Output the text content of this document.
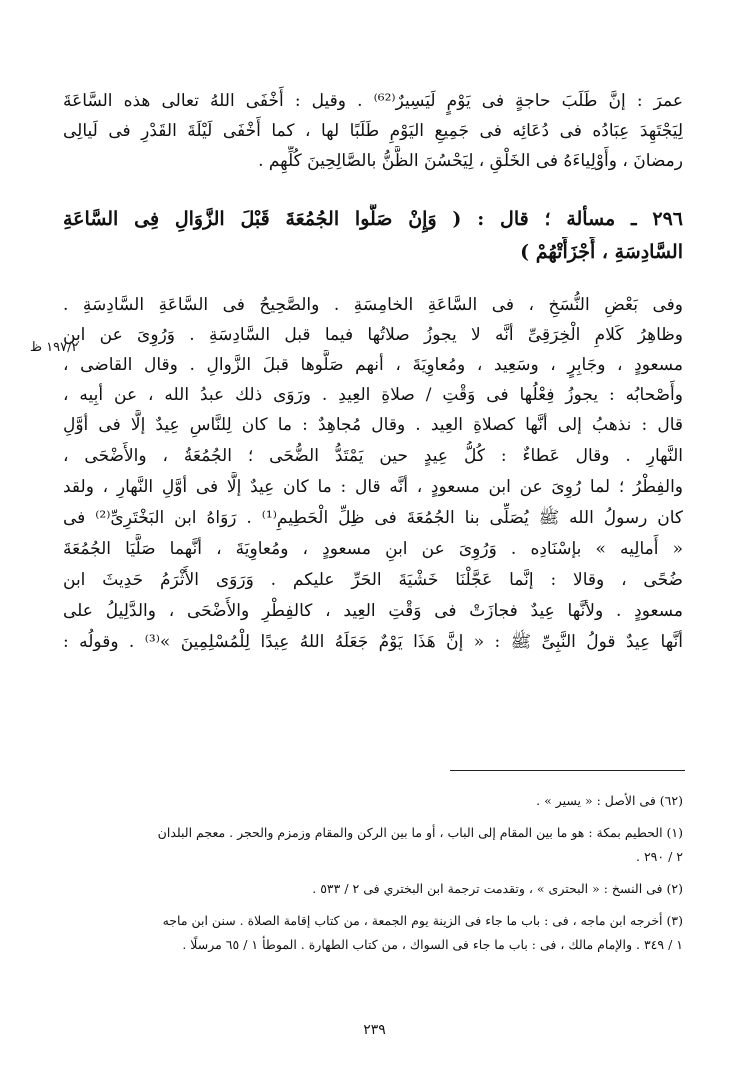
عمرَ : إنَّ طَلَبَ حاجةٍ فى يَوْمٍ لَيَسِيرٌ⁽⁶²⁾ . وقيل : أَخْفَى اللهُ تعالى هذه السَّاعَةَ
لِيَجْتَهِدَ عِبَادُه فى دُعَائِه فى جَمِيعِ اليَوْمِ طَلَبًا لها ، كما أَخْفَى لَيْلَةَ القَدْرِ فى لَيالِى
رمضانَ ، وأَوْلِياءَهُ فى الخَلْقِ ، لِيَحْسُنَ الظَّنُّ بالصَّالِحِينَ كُلِّهِم .
٢٩٦ ـ مسألة ؛ قال : ( وَإِنْ صَلَّوا الجُمُعَةَ قَبْلَ الزَّوَالِ فِى السَّاعَةِ
السَّادِسَةِ ، أَجْزَأَتْهُمْ )
وفى بَعْضِ النُّسَخِ ، فى السَّاعَةِ الخامِسَةِ . والصَّحِيحُ فى السَّاعَةِ السَّادِسَةِ .
وظاهِرُ كَلامِ الْخِرَقِىِّ أنَّه لا يجوزُ صلاتُها فيما قبل السَّادِسَةِ . وَرُوِىَ عن ابن
مسعودٍ ، وجَابِرٍ ، وسَعِيد ، ومُعاوِيَةَ ، أنهم صَلَّوها قبلَ الزَّوالِ . وقال القاضى ،
وأَصْحابُه : يجوزُ فِعْلُها فى وَقْتِ / صلاةِ العِيدِ . ورَوَى ذلك عبدُ الله ، عن أبِيه ،
قال : نذهبُ إلى أنَّها كصلاةِ العِيد . وقال مُجاهِدٌ : ما كان لِلنَّاسِ عِيدٌ إلَّا فى أوَّلِ
النَّهارِ . وقال عَطاءٌ : كُلُّ عِيدٍ حين يَمْتَدُّ الضُّحَى ؛ الجُمُعَةُ ، والأَضْحَى ،
والفِطْرُ ؛ لما رُوِىَ عن ابن مسعودٍ ، أنَّه قال : ما كان عِيدٌ إلَّا فى أوَّلِ النَّهارِ ، ولقد
كان رسولُ الله ﷺ يُصَلِّى بنا الجُمُعَةَ فى ظِلِّ الْحَطِيمِ⁽¹⁾ . رَوَاهُ ابن البَخْتَرِىِّ⁽²⁾ فى
« أَمالِيه » بإسْنَادِه . وَرُوِىَ عن ابنِ مسعودٍ ، ومُعاوِيَةَ ، أنَّهما صَلَّيَا الجُمُعَةَ
ضُحًى ، وقالا : إنَّما عَجَّلْنَا خَشْيَةَ الحَرِّ عليكم . وَرَوَى الأَثْرَمُ حَدِيثَ ابن
مسعودٍ . ولأنَّها عِيدٌ فجازَتْ فى وَقْتِ العِيد ، كالفِطْرِ والأَضْحَى ، والدَّلِيلُ على
أنَّها عِيدٌ قولُ النَّبِىِّ ﷺ : « إنَّ هَذَا يَوْمٌ جَعَلَهُ اللهُ عِيدًا لِلْمُسْلِمِينَ »⁽³⁾ . وقولُه :
١٩٧/٢ ظ
(٦٢) فى الأصل : « يسير » .
(١) الحطيم بمكة : هو ما بين المقام إلى الباب ، أو ما بين الركن والمقام وزمزم والحجر . معجم البلدان
٢ / ٢٩٠ .
(٢) فى النسخ : « البحترى » ، وتقدمت ترجمة ابن البختري فى ٢ / ٥٣٣ .
(٣) أخرجه ابن ماجه ، فى : باب ما جاء فى الزينة يوم الجمعة ، من كتاب إقامة الصلاة . سنن ابن ماجه
١ / ٣٤٩ . والإمام مالك ، فى : باب ما جاء فى السواك ، من كتاب الطهارة . الموطأ ١ / ٦٥ مرسلًا .
٢٣٩
